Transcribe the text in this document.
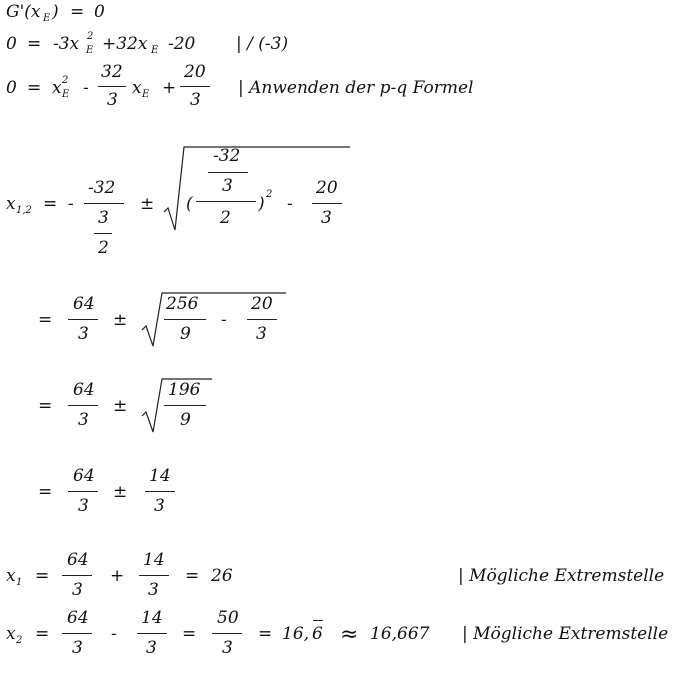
G'(x E ) = 0
0 = -3x 2
E +32x E -20 | / (-3)
0 = x 2
E -
32
3
x E +
20
3
| Anwenden der p-q Formel
x 1,2 = -
-32
3
2
± (
-32
3
2
) 2 -
20
3
=
64
3
±
256
9
-
20
3
=
64
3
±
196
9
=
64
3
±
14
3
x 1 =
64
3
+
14
3
= 26	| Mögliche Extremstelle
x 2 =
64
3
-
14
3
=
50
3
= 16, 6 ≈ 16,667 | Mögliche Extremstelle
